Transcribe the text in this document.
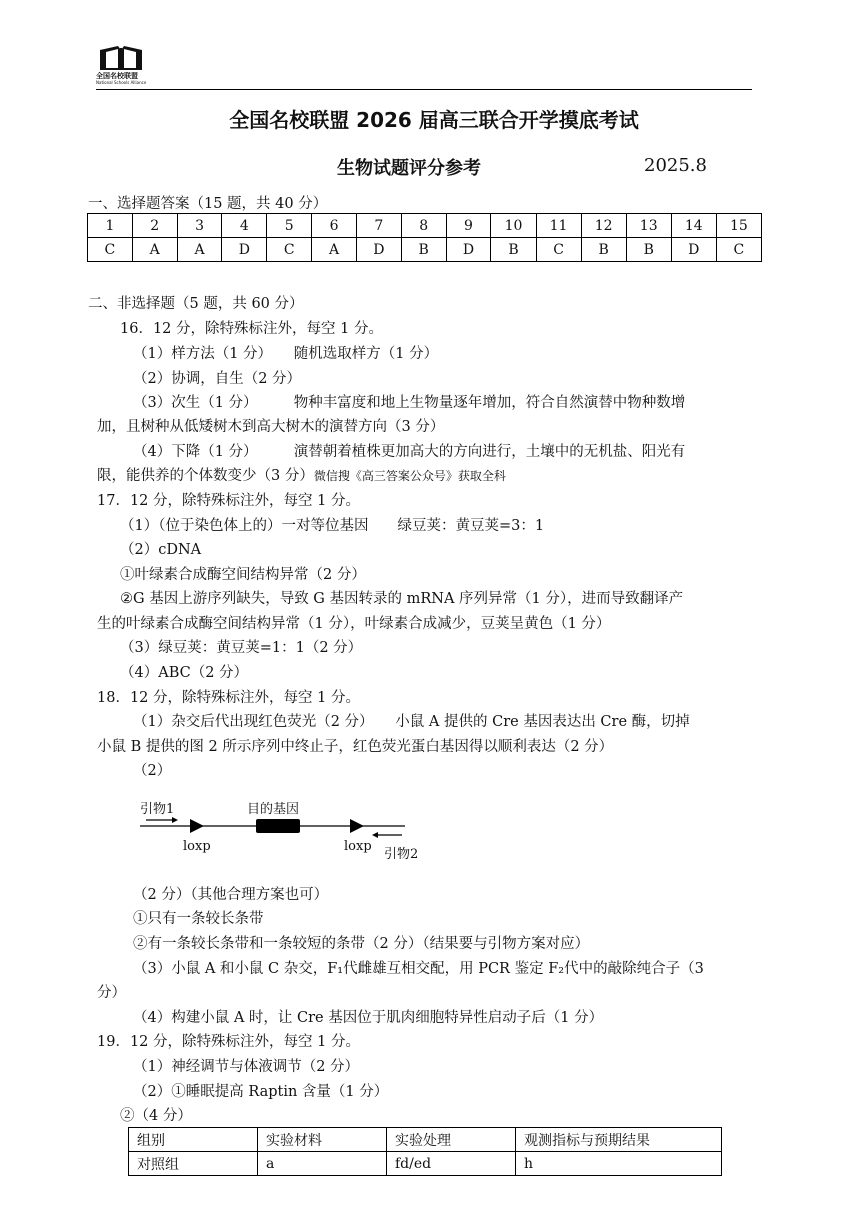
全国名校联盟
National Schools Alliance
全国名校联盟 2026 届高三联合开学摸底考试
生物试题评分参考	2025.8
一、选择题答案（15 题，共 40 分）
1	2	3	4	5	6	7	8	9	10	11	12	13	14	15
C	A	A	D	C	A	D	B	D	B	C	B	B	D	C
二、非选择题（5 题，共 60 分）
16．12 分，除特殊标注外，每空 1 分。
（1）样方法（1 分）　　随机选取样方（1 分）
（2）协调，自生（2 分）
（3）次生（1 分）　　　物种丰富度和地上生物量逐年增加，符合自然演替中物种数增
加，且树种从低矮树木到高大树木的演替方向（3 分）
（4）下降（1 分）　　　演替朝着植株更加高大的方向进行，土壤中的无机盐、阳光有
限，能供养的个体数变少（3 分）微信搜《高三答案公众号》获取全科
17．12 分，除特殊标注外，每空 1 分。
（1）（位于染色体上的）一对等位基因　　绿豆荚：黄豆荚=3：1
（2）cDNA
①叶绿素合成酶空间结构异常（2 分）
②G 基因上游序列缺失，导致 G 基因转录的 mRNA 序列异常（1 分），进而导致翻译产
生的叶绿素合成酶空间结构异常（1 分），叶绿素合成减少，豆荚呈黄色（1 分）
（3）绿豆荚：黄豆荚=1：1（2 分）
（4）ABC（2 分）
18．12 分，除特殊标注外，每空 1 分。
（1）杂交后代出现红色荧光（2 分）　　小鼠 A 提供的 Cre 基因表达出 Cre 酶，切掉
小鼠 B 提供的图 2 所示序列中终止子，红色荧光蛋白基因得以顺利表达（2 分）
（2）
引物1	目的基因
loxp	loxp
引物2
（2 分）（其他合理方案也可）
①只有一条较长条带
②有一条较长条带和一条较短的条带（2 分）（结果要与引物方案对应）
（3）小鼠 A 和小鼠 C 杂交，F₁代雌雄互相交配，用 PCR 鉴定 F₂代中的敲除纯合子（3
分）
（4）构建小鼠 A 时，让 Cre 基因位于肌肉细胞特异性启动子后（1 分）
19．12 分，除特殊标注外，每空 1 分。
（1）神经调节与体液调节（2 分）
（2）①睡眠提高 Raptin 含量（1 分）
②（4 分）
组别	实验材料	实验处理	观测指标与预期结果
对照组	a	fd/ed	h
